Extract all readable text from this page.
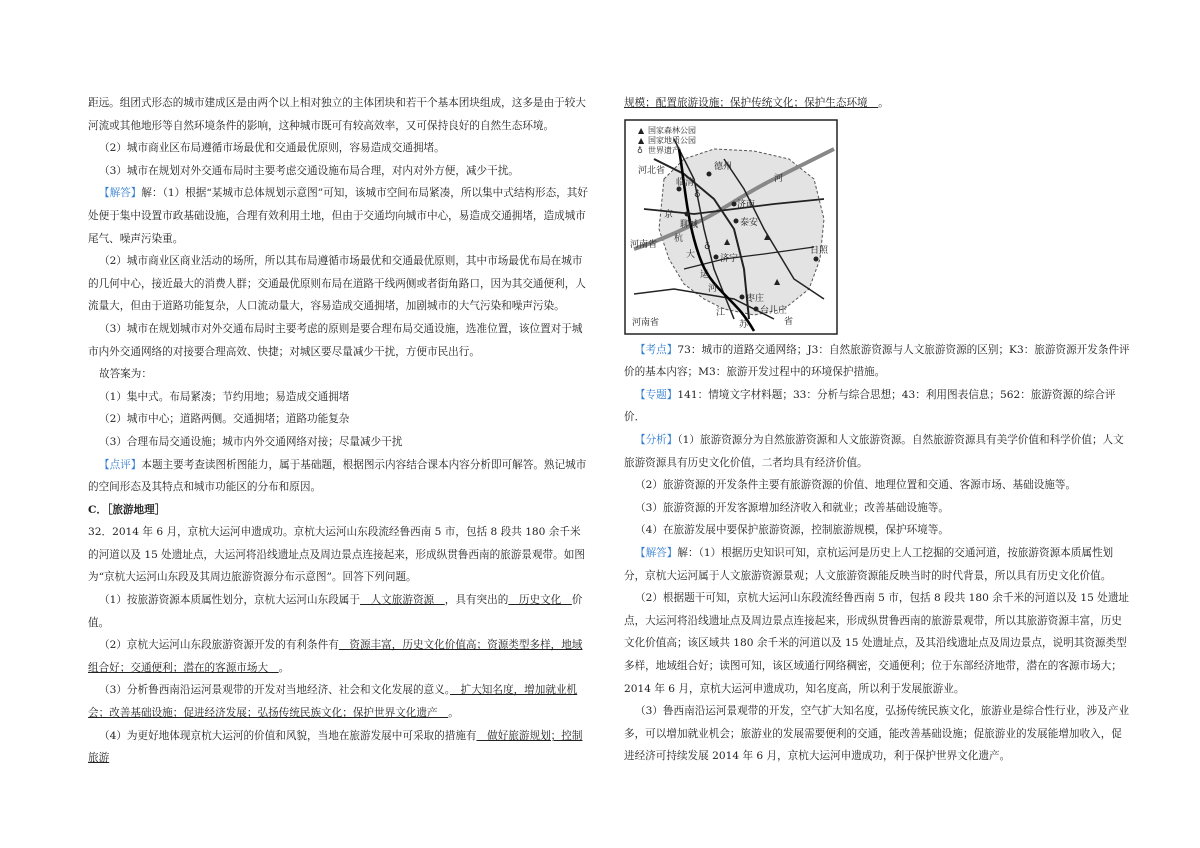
距远。组团式形态的城市建成区是由两个以上相对独立的主体团块和若干个基本团块组成，这多是由于较大河流或其他地形等自然环境条件的影响，这种城市既可有较高效率，又可保持良好的自然生态环境。

（2）城市商业区布局遵循市场最优和交通最优原则，容易造成交通拥堵。

（3）城市在规划对外交通布局时主要考虑交通设施布局合理，对内对外方便，减少干扰。

【解答】解：（1）根据“某城市总体规划示意图”可知，该城市空间布局紧凑，所以集中式结构形态，其好处便于集中设置市政基础设施，合理有效利用土地，但由于交通均向城市中心，易造成交通拥堵，造成城市尾气、噪声污染重。

（2）城市商业区商业活动的场所，所以其布局遵循市场最优和交通最优原则，其中市场最优布局在城市的几何中心，接近最大的消费人群；交通最优原则布局在道路干线两侧或者街角路口，因为其交通便利，人流量大，但由于道路功能复杂，人口流动量大，容易造成交通拥堵，加剧城市的大气污染和噪声污染。

（3）城市在规划城市对外交通布局时主要考虑的原则是要合理布局交通设施，选准位置，该位置对于城市内外交通网络的对接要合理高效、快捷；对城区要尽量减少干扰，方便市民出行。

故答案为：

（1）集中式。布局紧凑；节约用地；易造成交通拥堵

（2）城市中心；道路两侧。交通拥堵；道路功能复杂

（3）合理布局交通设施；城市内外交通网络对接；尽量减少干扰

【点评】本题主要考查读图析图能力，属于基础题，根据图示内容结合课本内容分析即可解答。熟记城市的空间形态及其特点和城市功能区的分布和原因。

C．［旅游地理］

32．2014 年 6 月，京杭大运河申遗成功。京杭大运河山东段流经鲁西南 5 市，包括 8 段共 180 余千米的河道以及 15 处遗址点，大运河将沿线遗址点及周边景点连接起来，形成纵贯鲁西南的旅游景观带。如图为“京杭大运河山东段及其周边旅游资源分布示意图”。回答下列问题。

（1）按旅游资源本质属性划分，京杭大运河山东段属于　人文旅游资源　，具有突出的　历史文化　价值。

（2）京杭大运河山东段旅游资源开发的有利条件有　资源丰富，历史文化价值高；资源类型多样，地域组合好；交通便利；潜在的客源市场大　。

（3）分析鲁西南沿运河景观带的开发对当地经济、社会和文化发展的意义。　扩大知名度，增加就业机会；改善基础设施；促进经济发展；弘扬传统民族文化；保护世界文化遗产　。

（4）为更好地体现京杭大运河的价值和风貌，当地在旅游发展中可采取的措施有　做好旅游规划；控制旅游

规模；配置旅游设施；保护传统文化；保护生态环境　。

▲ 国家森林公园
▲ 国家地质公园
♁ 世界遗产
河北省
河南省
河南省	省
苏
江
德州
临清
聊城
济南
泰安
济宁
日照
枣庄
台儿庄
京
杭
大
运
河
河
▲
▲
♁
▲
♁

【考点】73：城市的道路交通网络；J3：自然旅游资源与人文旅游资源的区别；K3：旅游资源开发条件评价的基本内容；M3：旅游开发过程中的环境保护措施。

【专题】141：情境文字材料题；33：分析与综合思想；43：利用图表信息；562：旅游资源的综合评价．

【分析】（1）旅游资源分为自然旅游资源和人文旅游资源。自然旅游资源具有美学价值和科学价值；人文旅游资源具有历史文化价值，二者均具有经济价值。

（2）旅游资源的开发条件主要有旅游资源的价值、地理位置和交通、客源市场、基础设施等。

（3）旅游资源的开发客源增加经济收入和就业；改善基础设施等。

（4）在旅游发展中要保护旅游资源，控制旅游规模，保护环境等。

【解答】解：（1）根据历史知识可知，京杭运河是历史上人工挖掘的交通河道，按旅游资源本质属性划分，京杭大运河属于人文旅游资源景观；人文旅游资源能反映当时的时代背景，所以具有历史文化价值。

（2）根据题干可知，京杭大运河山东段流经鲁西南 5 市，包括 8 段共 180 余千米的河道以及 15 处遗址点，大运河将沿线遗址点及周边景点连接起来，形成纵贯鲁西南的旅游景观带，所以其旅游资源丰富，历史文化价值高；该区域共 180 余千米的河道以及 15 处遗址点，及其沿线遗址点及周边景点，说明其资源类型多样，地域组合好；读图可知，该区域通行网络稠密，交通便利；位于东部经济地带，潜在的客源市场大；2014 年 6 月，京杭大运河申遗成功，知名度高，所以利于发展旅游业。

（3）鲁西南沿运河景观带的开发，空气扩大知名度，弘扬传统民族文化，旅游业是综合性行业，涉及产业多，可以增加就业机会；旅游业的发展需要便利的交通，能改善基础设施；促旅游业的发展能增加收入，促进经济可持续发展 2014 年 6 月，京杭大运河申遗成功，利于保护世界文化遗产。
